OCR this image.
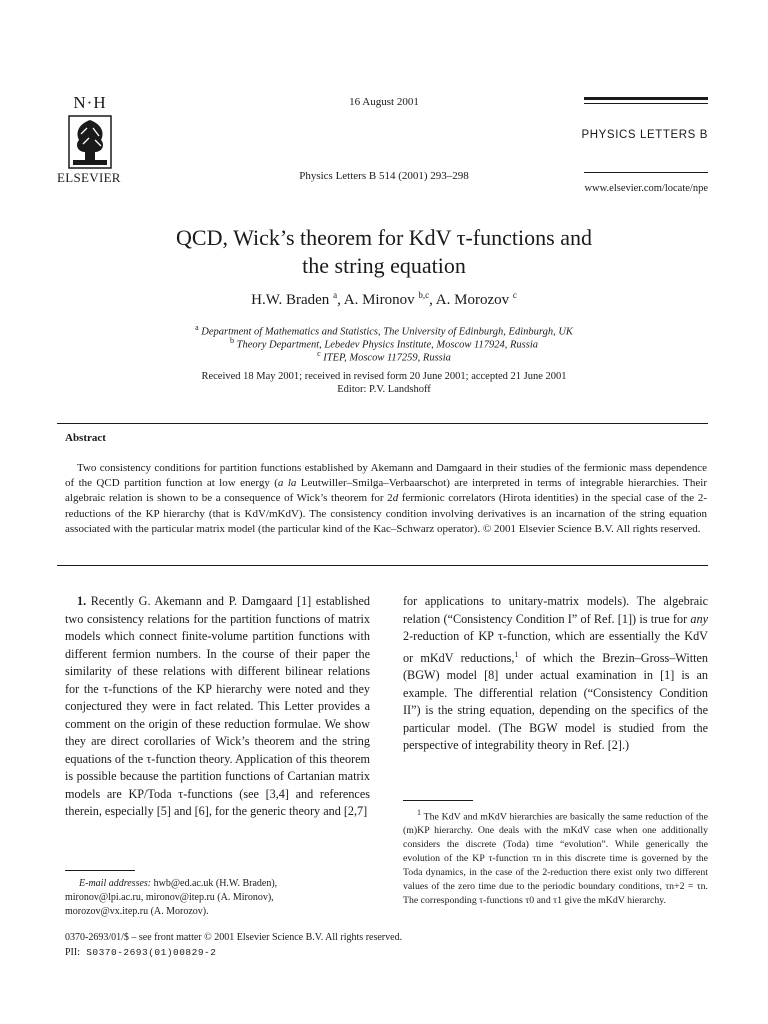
N·H
ELSEVIER
16 August 2001
Physics Letters B 514 (2001) 293–298
PHYSICS LETTERS B
www.elsevier.com/locate/npe
QCD, Wick’s theorem for KdV τ-functions and
the string equation
H.W. Braden $^a$, A. Mironov $^{b,c}$, A. Morozov $^c$
$^a$ Department of Mathematics and Statistics, The University of Edinburgh, Edinburgh, UK
$^b$ Theory Department, Lebedev Physics Institute, Moscow 117924, Russia
$^c$ ITEP, Moscow 117259, Russia
Received 18 May 2001; received in revised form 20 June 2001; accepted 21 June 2001
Editor: P.V. Landshoff
Abstract
Two consistency conditions for partition functions established by Akemann and Damgaard in their studies of the fermionic mass dependence of the QCD partition function at low energy (a la Leutwiller–Smilga–Verbaarschot) are interpreted in terms of integrable hierarchies. Their algebraic relation is shown to be a consequence of Wick’s theorem for 2d fermionic correlators (Hirota identities) in the special case of the 2-reductions of the KP hierarchy (that is KdV/mKdV). The consistency condition involving derivatives is an incarnation of the string equation associated with the particular matrix model (the particular kind of the Kac–Schwarz operator). © 2001 Elsevier Science B.V. All rights reserved.
1. Recently G. Akemann and P. Damgaard [1] established two consistency relations for the partition functions of matrix models which connect finite-volume partition functions with different fermion numbers. In the course of their paper the similarity of these relations with different bilinear relations for the τ-functions of the KP hierarchy were noted and they conjectured they were in fact related. This Letter provides a comment on the origin of these reduction formulae. We show they are direct corollaries of Wick’s theorem and the string equations of the τ-function theory. Application of this theorem is possible because the partition functions of Cartanian matrix models are KP/Toda τ-functions (see [3,4] and references therein, especially [5] and [6], for the generic theory and [2,7]
for applications to unitary-matrix models). The algebraic relation (“Consistency Condition I” of Ref. [1]) is true for any 2-reduction of KP τ-function, which are essentially the KdV or mKdV reductions,$^1$ of which the Brezin–Gross–Witten (BGW) model [8] under actual examination in [1] is an example. The differential relation (“Consistency Condition II”) is the string equation, depending on the specifics of the particular model. (The BGW model is studied from the perspective of integrability theory in Ref. [2].)
E-mail addresses: hwb@ed.ac.uk (H.W. Braden),
mironov@lpi.ac.ru, mironov@itep.ru (A. Mironov),
morozov@vx.itep.ru (A. Morozov).
$^1$ The KdV and mKdV hierarchies are basically the same reduction of the (m)KP hierarchy. One deals with the mKdV case when one additionally considers the discrete (Toda) time “evolution”. While generically the evolution of the KP τ-function τn in this discrete time is governed by the Toda dynamics, in the case of the 2-reduction there exist only two different values of the zero time due to the periodic boundary conditions, τn+2 = τn. The corresponding τ-functions τ0 and τ1 give the mKdV hierarchy.
0370-2693/01/$ – see front matter © 2001 Elsevier Science B.V. All rights reserved.
PII: S0370-2693(01)00829-2
